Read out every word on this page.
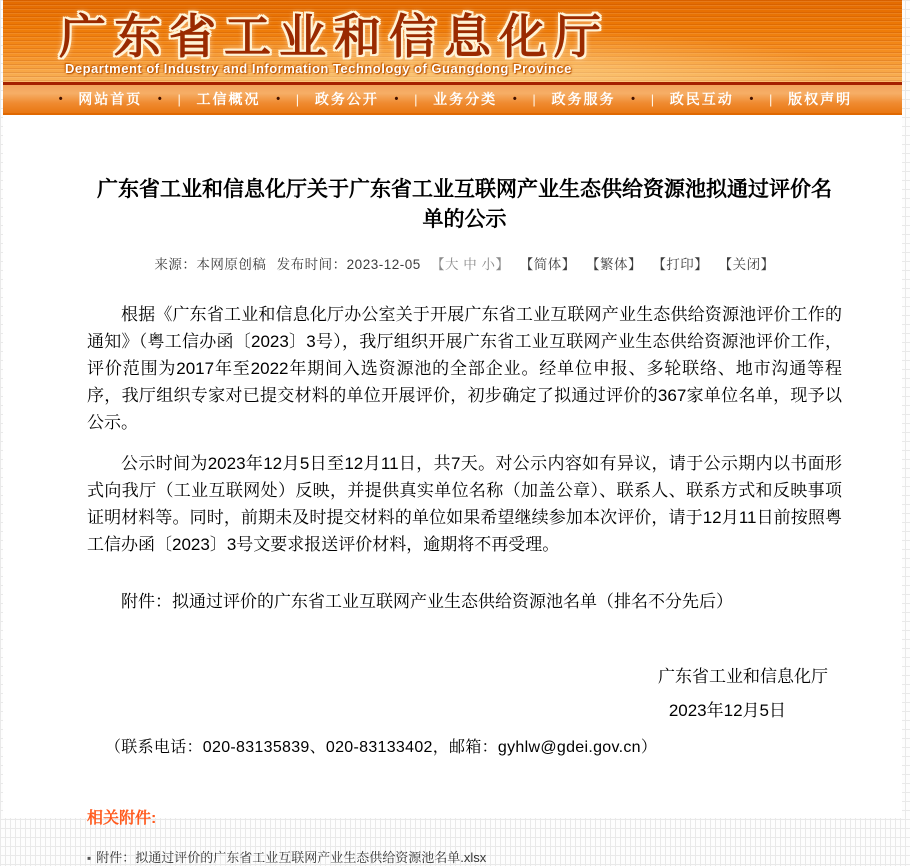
广东省工业和信息化厅
Department of Industry and Information Technology of Guangdong Province
• 网站首页 • | 工信概况 • | 政务公开 • | 业务分类 • | 政务服务 • | 政民互动 • | 版权声明
广东省工业和信息化厅关于广东省工业互联网产业生态供给资源池拟通过评价名单的公示
来源：本网原创稿 发布时间：2023-12-05 【大 中 小】 【简体】 【繁体】 【打印】 【关闭】

根据《广东省工业和信息化厅办公室关于开展广东省工业互联网产业生态供给资源池评价工作的通知》（粤工信办函〔2023〕3号），我厅组织开展广东省工业互联网产业生态供给资源池评价工作，评价范围为2017年至2022年期间入选资源池的全部企业。经单位申报、多轮联络、地市沟通等程序，我厅组织专家对已提交材料的单位开展评价，初步确定了拟通过评价的367家单位名单，现予以公示。

公示时间为2023年12月5日至12月11日，共7天。对公示内容如有异议，请于公示期内以书面形式向我厅（工业互联网处）反映，并提供真实单位名称（加盖公章）、联系人、联系方式和反映事项证明材料等。同时，前期未及时提交材料的单位如果希望继续参加本次评价，请于12月11日前按照粤工信办函〔2023〕3号文要求报送评价材料，逾期将不再受理。

附件：拟通过评价的广东省工业互联网产业生态供给资源池名单（排名不分先后）

广东省工业和信息化厅
2023年12月5日

（联系电话：020-83135839、020-83133402，邮箱：gyhlw@gdei.gov.cn）

相关附件:
▪ 附件：拟通过评价的广东省工业互联网产业生态供给资源池名单.xlsx
